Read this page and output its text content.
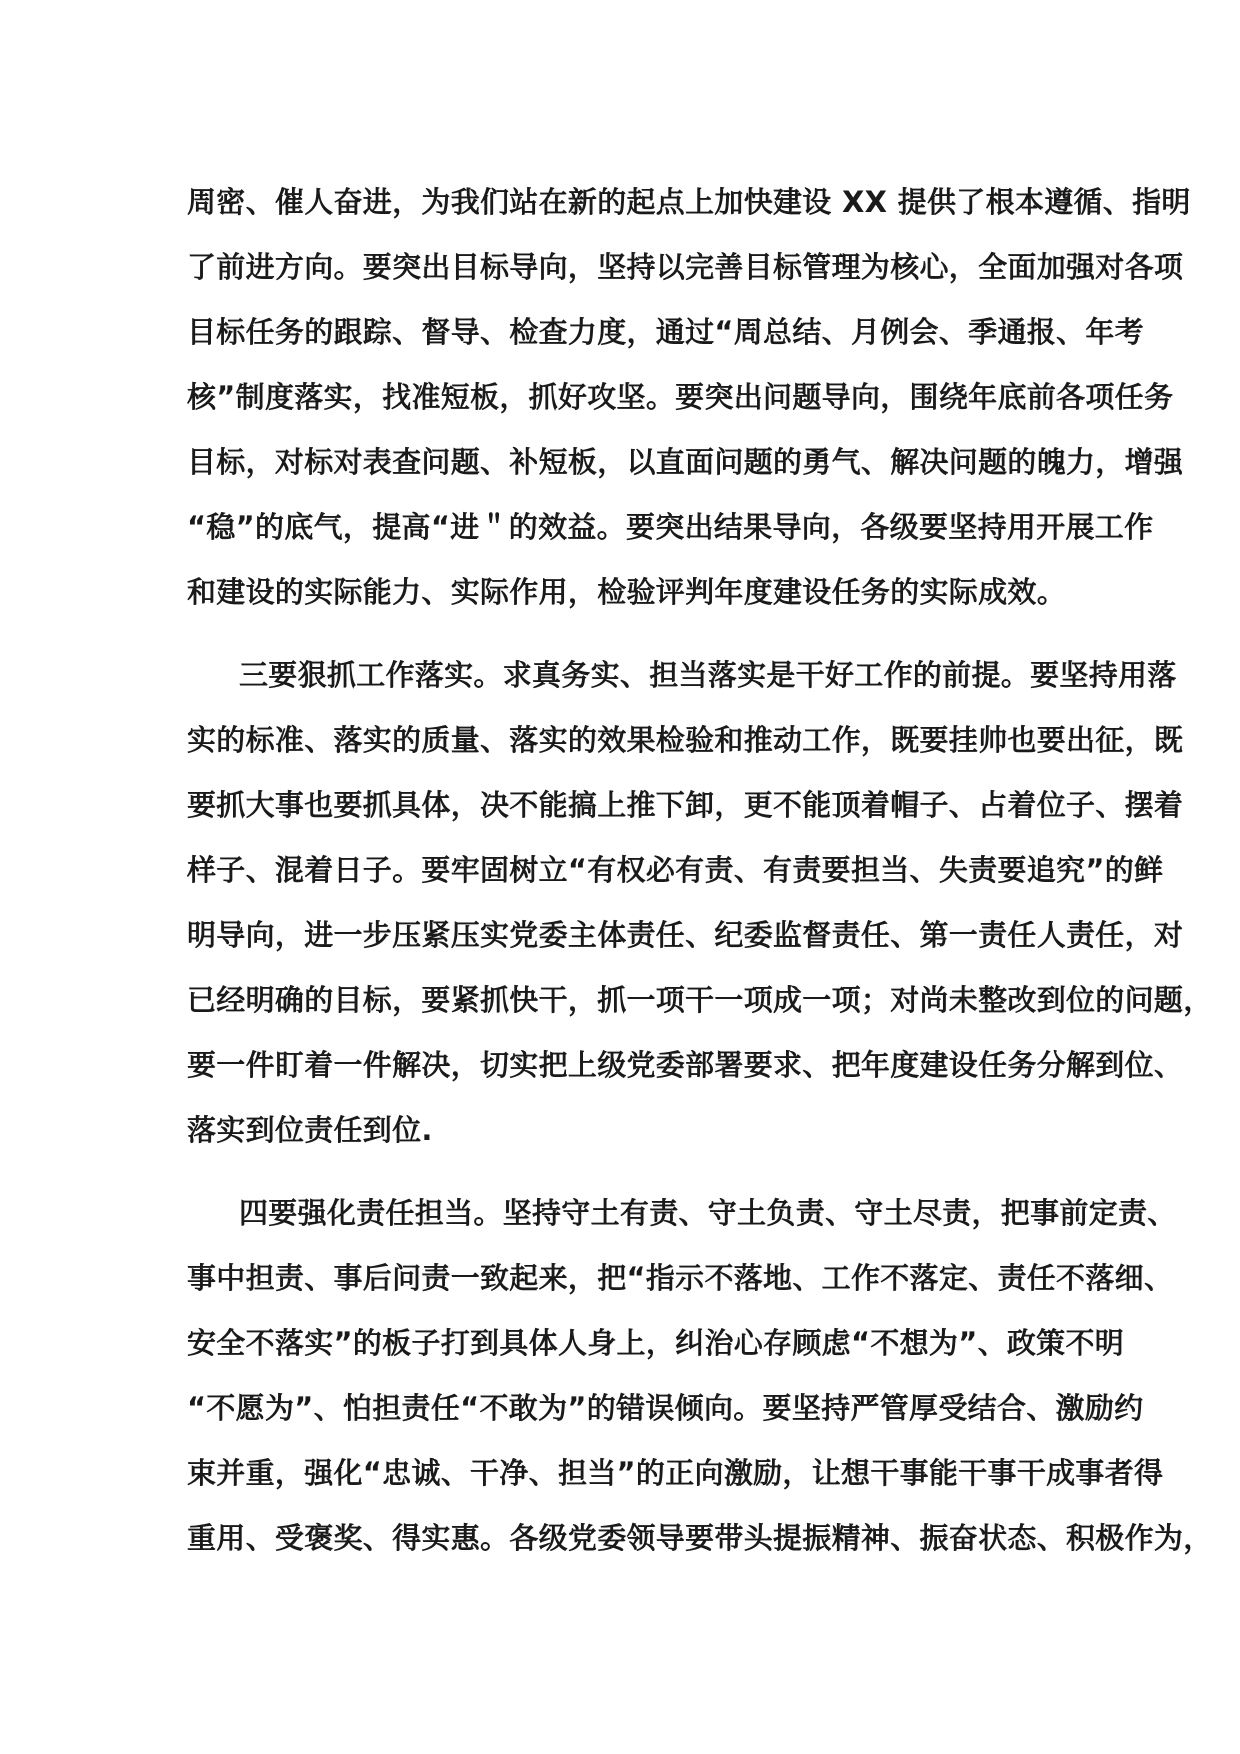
周密、催人奋进，为我们站在新的起点上加快建设 XX 提供了根本遵循、指明
了前进方向。要突出目标导向，坚持以完善目标管理为核心，全面加强对各项
目标任务的跟踪、督导、检查力度，通过“周总结、月例会、季通报、年考
核”制度落实，找准短板，抓好攻坚。要突出问题导向，围绕年底前各项任务
目标，对标对表查问题、补短板，以直面问题的勇气、解决问题的魄力，增强
“稳”的底气，提高“进＂的效益。要突出结果导向，各级要坚持用开展工作
和建设的实际能力、实际作用，检验评判年度建设任务的实际成效。
三要狠抓工作落实。求真务实、担当落实是干好工作的前提。要坚持用落
实的标准、落实的质量、落实的效果检验和推动工作，既要挂帅也要出征，既
要抓大事也要抓具体，决不能搞上推下卸，更不能顶着帽子、占着位子、摆着
样子、混着日子。要牢固树立“有权必有责、有责要担当、失责要追究”的鲜
明导向，进一步压紧压实党委主体责任、纪委监督责任、第一责任人责任，对
已经明确的目标，要紧抓快干，抓一项干一项成一项；对尚未整改到位的问题，
要一件盯着一件解决，切实把上级党委部署要求、把年度建设任务分解到位、
落实到位责任到位.
四要强化责任担当。坚持守土有责、守土负责、守土尽责，把事前定责、
事中担责、事后问责一致起来，把“指示不落地、工作不落定、责任不落细、
安全不落实”的板子打到具体人身上，纠治心存顾虑“不想为”、政策不明
“不愿为”、怕担责任“不敢为”的错误倾向。要坚持严管厚受结合、激励约
束并重，强化“忠诚、干净、担当”的正向激励，让想干事能干事干成事者得
重用、受褒奖、得实惠。各级党委领导要带头提振精神、振奋状态、积极作为，
